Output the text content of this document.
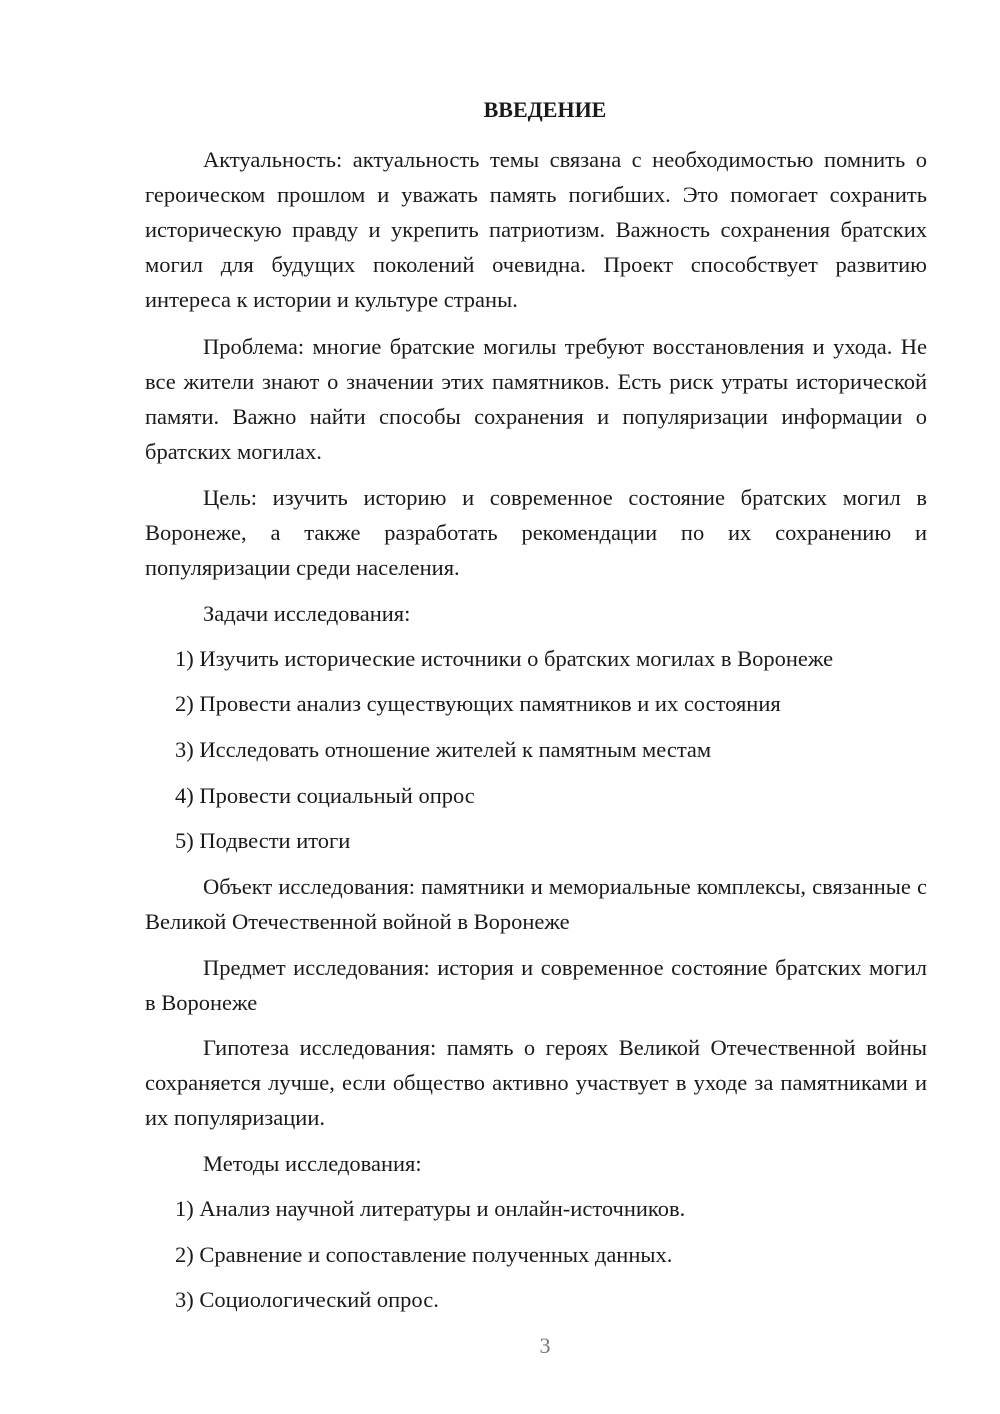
ВВЕДЕНИЕ

Актуальность: актуальность темы связана с необходимостью помнить о героическом прошлом и уважать память погибших. Это помогает сохранить историческую правду и укрепить патриотизм. Важность сохранения братских могил для будущих поколений очевидна. Проект способствует развитию интереса к истории и культуре страны.

Проблема: многие братские могилы требуют восстановления и ухода. Не все жители знают о значении этих памятников. Есть риск утраты исторической памяти. Важно найти способы сохранения и популяризации информации о братских могилах.

Цель: изучить историю и современное состояние братских могил в Воронеже, а также разработать рекомендации по их сохранению и популяризации среди населения.

Задачи исследования:
1) Изучить исторические источники о братских могилах в Воронеже
2) Провести анализ существующих памятников и их состояния
3) Исследовать отношение жителей к памятным местам
4) Провести социальный опрос
5) Подвести итоги

Объект исследования: памятники и мемориальные комплексы, связанные с Великой Отечественной войной в Воронеже

Предмет исследования: история и современное состояние братских могил в Воронеже

Гипотеза исследования: память о героях Великой Отечественной войны сохраняется лучше, если общество активно участвует в уходе за памятниками и их популяризации.

Методы исследования:
1) Анализ научной литературы и онлайн-источников.
2) Сравнение и сопоставление полученных данных.
3) Социологический опрос.
3
